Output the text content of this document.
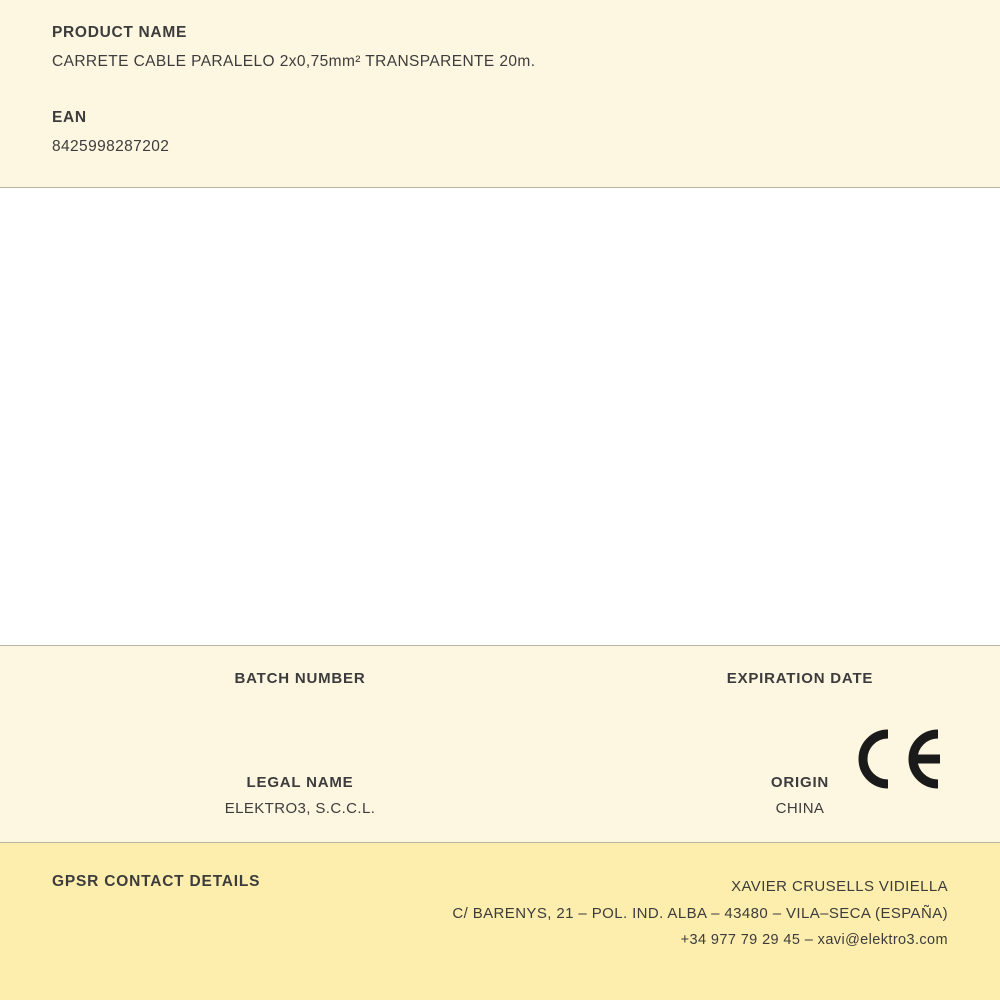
PRODUCT NAME

CARRETE CABLE PARALELO 2x0,75mm² TRANSPARENTE 20m.

EAN

8425998287202

BATCH NUMBER	EXPIRATION DATE

LEGAL NAME

ELEKTRO3, S.C.C.L.

ORIGIN

CHINA

GPSR CONTACT DETAILS	XAVIER CRUSELLS VIDIELLA
C/ BARENYS, 21 – POL. IND. ALBA – 43480 – VILA–SECA (ESPAÑA)
+34 977 79 29 45 – xavi@elektro3.com
